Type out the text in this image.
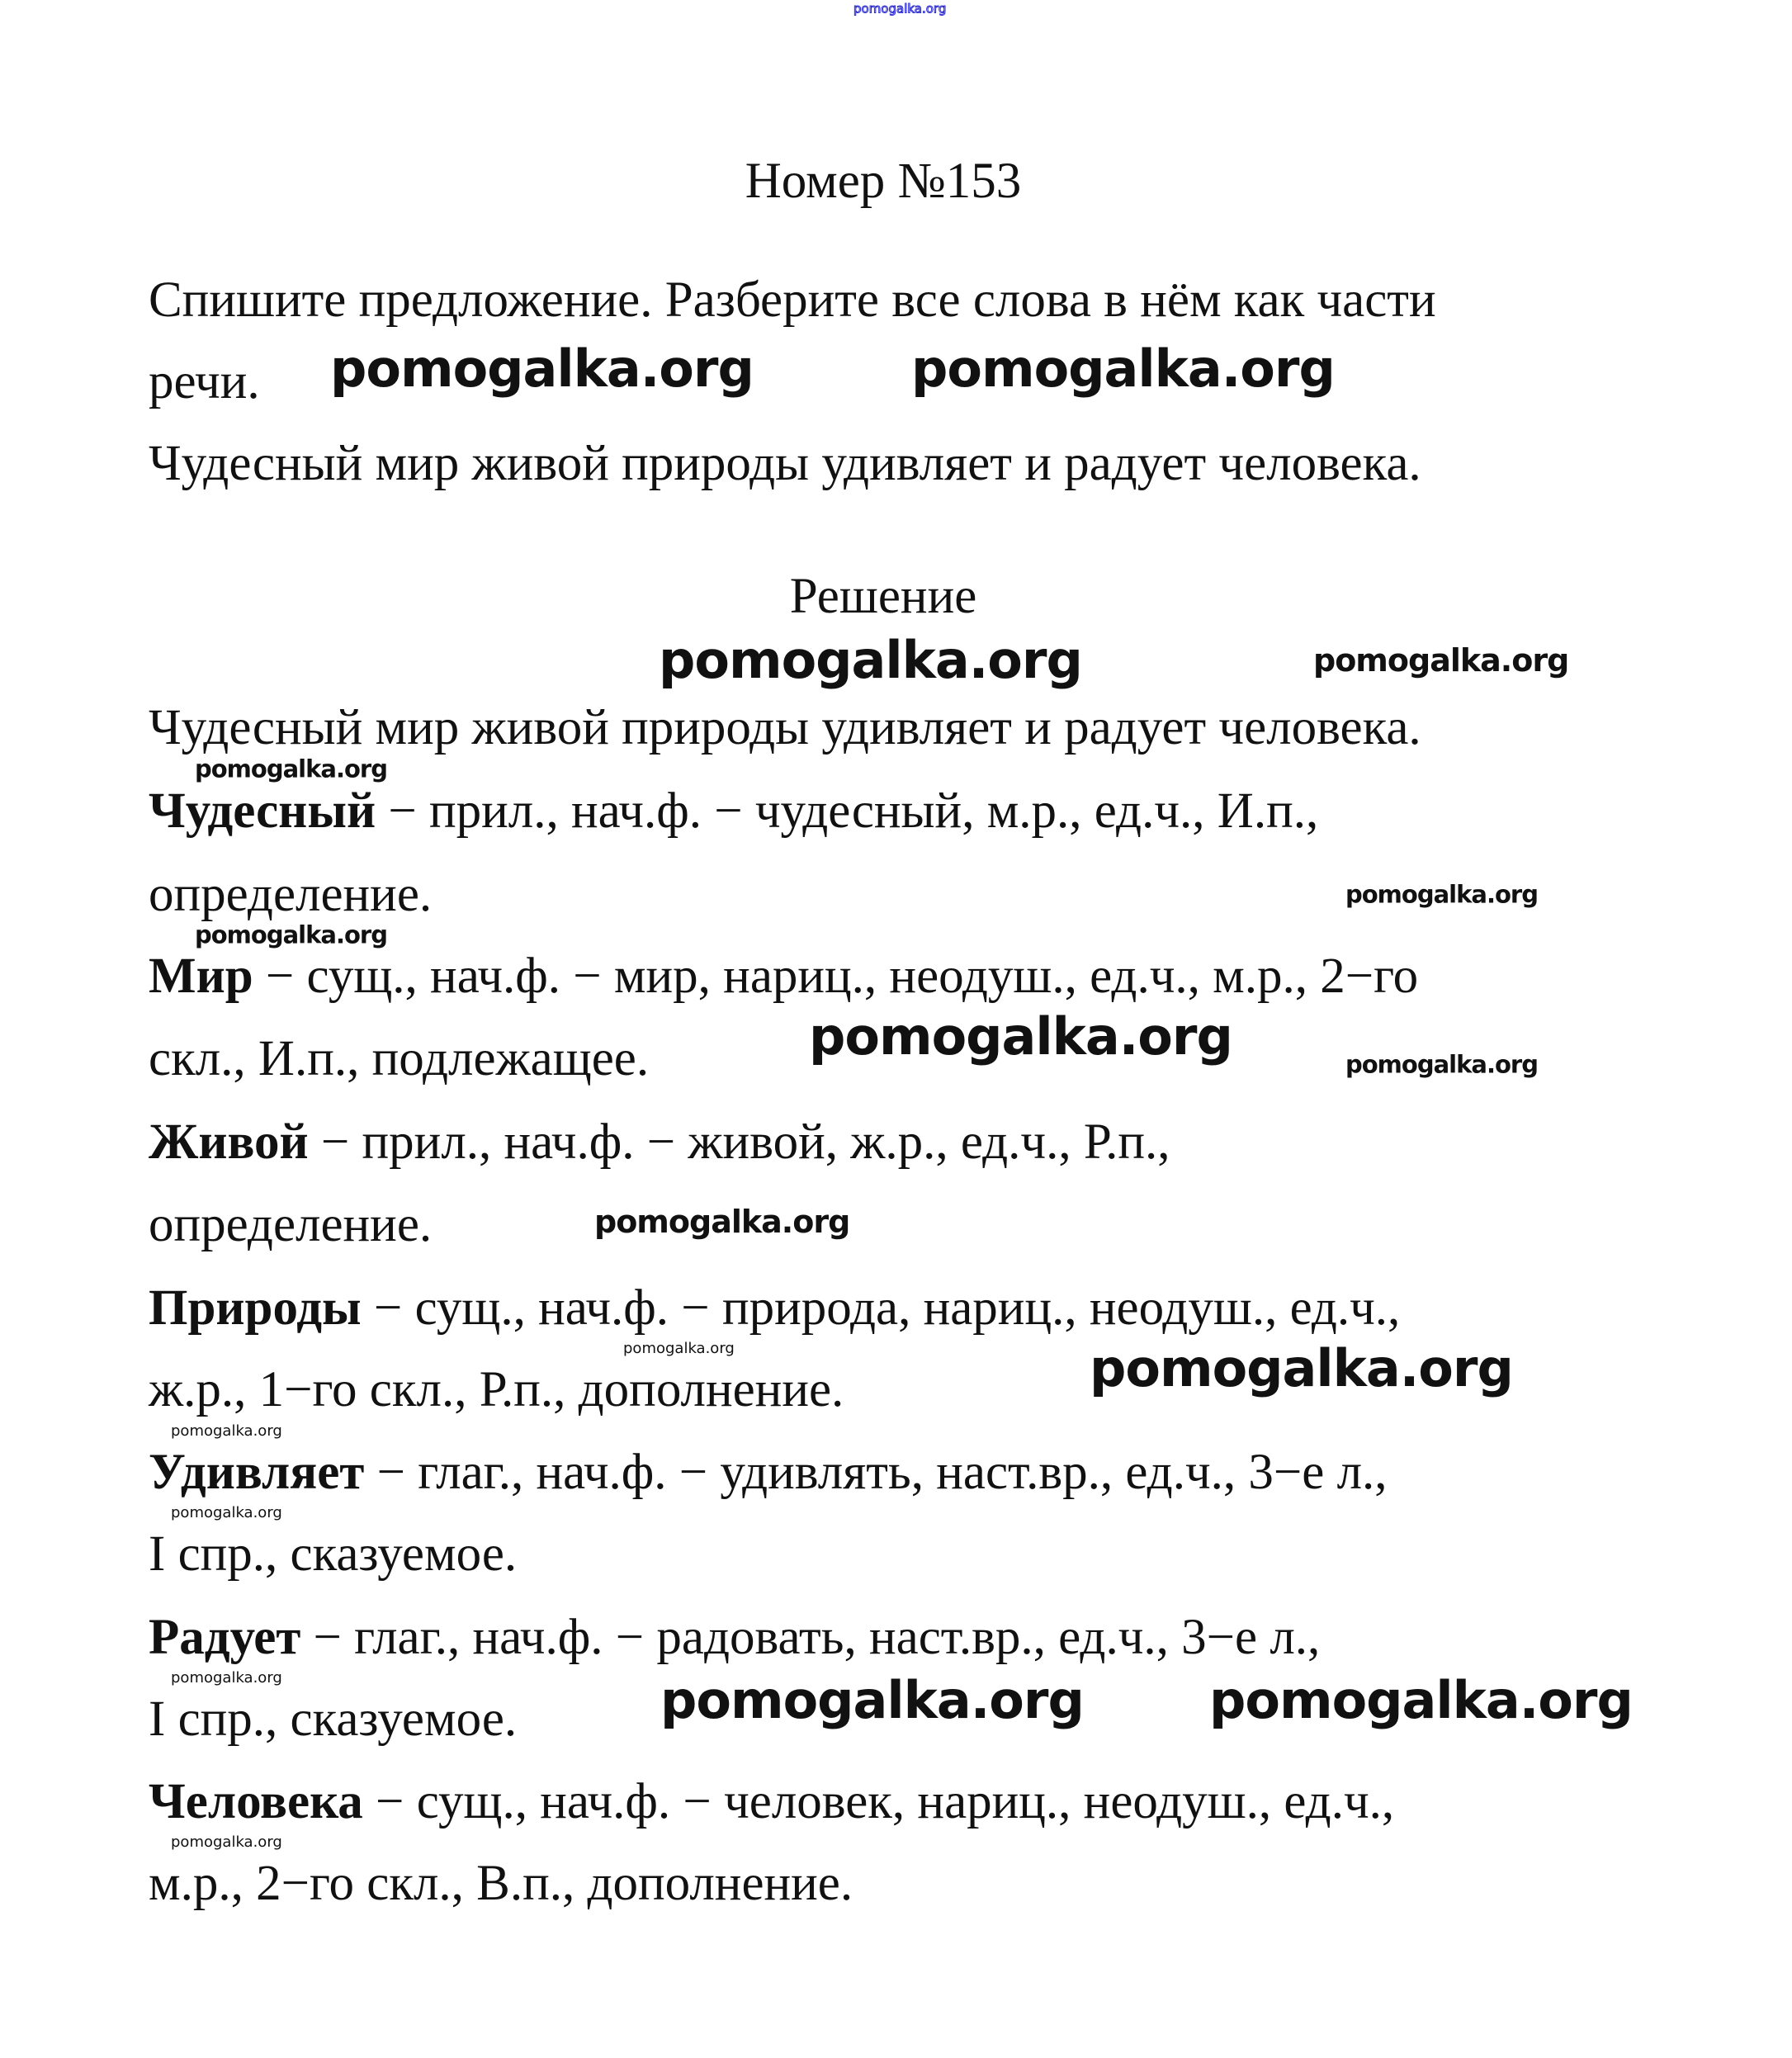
Номер №153
Спишите предложение. Разберите все слова в нём как части
речи.
Чудесный мир живой природы удивляет и радует человека.
Решение
Чудесный мир живой природы удивляет и радует человека.
Чудесный − прил., нач.ф. − чудесный, м.р., ед.ч., И.п.,
определение.
Мир − сущ., нач.ф. − мир, нариц., неодуш., ед.ч., м.р., 2−го
скл., И.п., подлежащее.
Живой − прил., нач.ф. − живой, ж.р., ед.ч., Р.п.,
определение.
Природы − сущ., нач.ф. − природа, нариц., неодуш., ед.ч.,
ж.р., 1−го скл., Р.п., дополнение.
Удивляет − глаг., нач.ф. − удивлять, наст.вр., ед.ч., 3−е л.,
I спр., сказуемое.
Радует − глаг., нач.ф. − радовать, наст.вр., ед.ч., 3−е л.,
I спр., сказуемое.
Человека − сущ., нач.ф. − человек, нариц., неодуш., ед.ч.,
м.р., 2−го скл., В.п., дополнение.
pomogalka.org
pomogalka.org	pomogalka.org
pomogalka.org	pomogalka.org
pomogalka.org
pomogalka.org
pomogalka.org
pomogalka.org	pomogalka.org
pomogalka.org
pomogalka.org	pomogalka.org
pomogalka.org
pomogalka.org
pomogalka.org	pomogalka.org pomogalka.org
pomogalka.org
